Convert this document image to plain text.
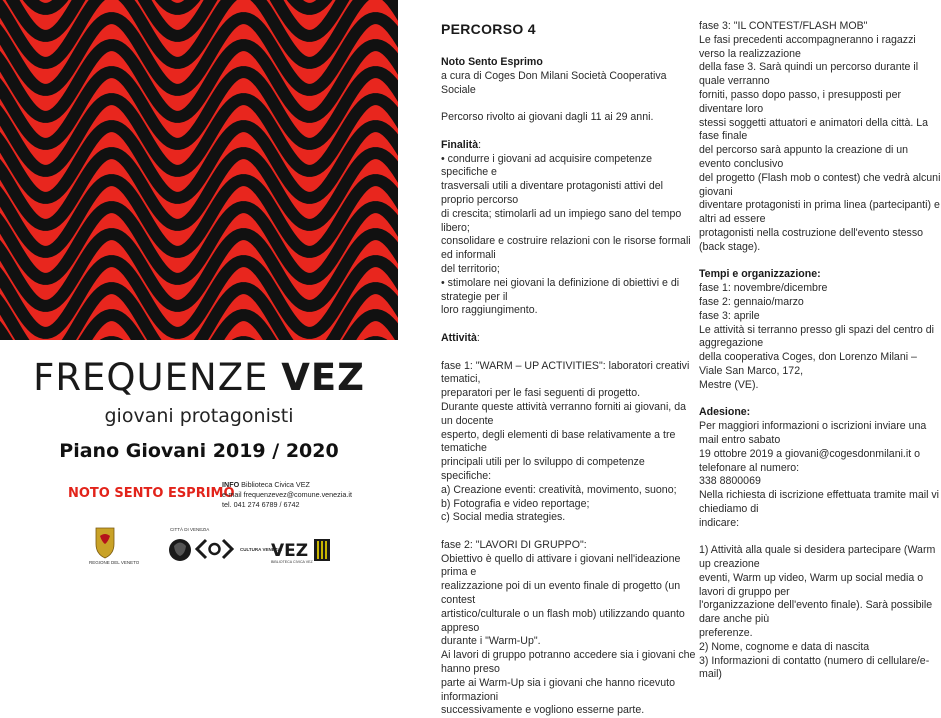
FREQUENZE VEZ
giovani protagonisti
Piano Giovani 2019 / 2020
NOTO SENTO ESPRIMO
INFO Biblioteca Civica VEZ
e-mail frequenzevez@comune.venezia.it
tel. 041 274 6789 / 6742
REGIONE DEL VENETO
CITTÀ DI VENEZIA
CULTURA VENEZIA
VEZ
BIBLIOTECA CIVICA VEZ
PERCORSO 4

Noto Sento Esprimo

a cura di Coges Don Milani Società Cooperativa Sociale

Percorso rivolto ai giovani dagli 11 ai 29 anni.

Finalità:

• condurre i giovani ad acquisire competenze specifiche e

trasversali utili a diventare protagonisti attivi del proprio percorso

di crescita; stimolarli ad un impiego sano del tempo libero;

consolidare e costruire relazioni con le risorse formali ed informali

del territorio;

• stimolare nei giovani la definizione di obiettivi e di strategie per il

loro raggiungimento.

Attività:

fase 1: "WARM – UP ACTIVITIES": laboratori creativi tematici,

preparatori per le fasi seguenti di progetto.

Durante queste attività verranno forniti ai giovani, da un docente

esperto, degli elementi di base relativamente a tre tematiche

principali utili per lo sviluppo di competenze specifiche:

a) Creazione eventi: creatività, movimento, suono;

b) Fotografia e video reportage;

c) Social media strategies.

fase 2: "LAVORI DI GRUPPO":

Obiettivo è quello di attivare i giovani nell'ideazione prima e

realizzazione poi di un evento finale di progetto (un contest

artistico/culturale o un flash mob) utilizzando quanto appreso

durante i "Warm-Up".

Ai lavori di gruppo potranno accedere sia i giovani che hanno preso

parte ai Warm-Up sia i giovani che hanno ricevuto informazioni

successivamente e vogliono esserne parte.

fase 3: "IL CONTEST/FLASH MOB"

Le fasi precedenti accompagneranno i ragazzi verso la realizzazione

della fase 3. Sarà quindi un percorso durante il quale verranno

forniti, passo dopo passo, i presupposti per diventare loro

stessi soggetti attuatori e animatori della città. La fase finale

del percorso sarà appunto la creazione di un evento conclusivo

del progetto (Flash mob o contest) che vedrà alcuni giovani

diventare protagonisti in prima linea (partecipanti) e altri ad essere

protagonisti nella costruzione dell'evento stesso (back stage).

Tempi e organizzazione:

fase 1: novembre/dicembre

fase 2: gennaio/marzo

fase 3: aprile

Le attività si terranno presso gli spazi del centro di aggregazione

della cooperativa Coges, don Lorenzo Milani – Viale San Marco, 172,

Mestre (VE).

Adesione:

Per maggiori informazioni o iscrizioni inviare una mail entro sabato

19 ottobre 2019 a giovani@cogesdonmilani.it o telefonare al numero:

338 8800069

Nella richiesta di iscrizione effettuata tramite mail vi chiediamo di

indicare:

1) Attività alla quale si desidera partecipare (Warm up creazione

eventi, Warm up video, Warm up social media o lavori di gruppo per

l'organizzazione dell'evento finale). Sarà possibile dare anche più

preferenze.

2) Nome, cognome e data di nascita

3) Informazioni di contatto (numero di cellulare/e-mail)
